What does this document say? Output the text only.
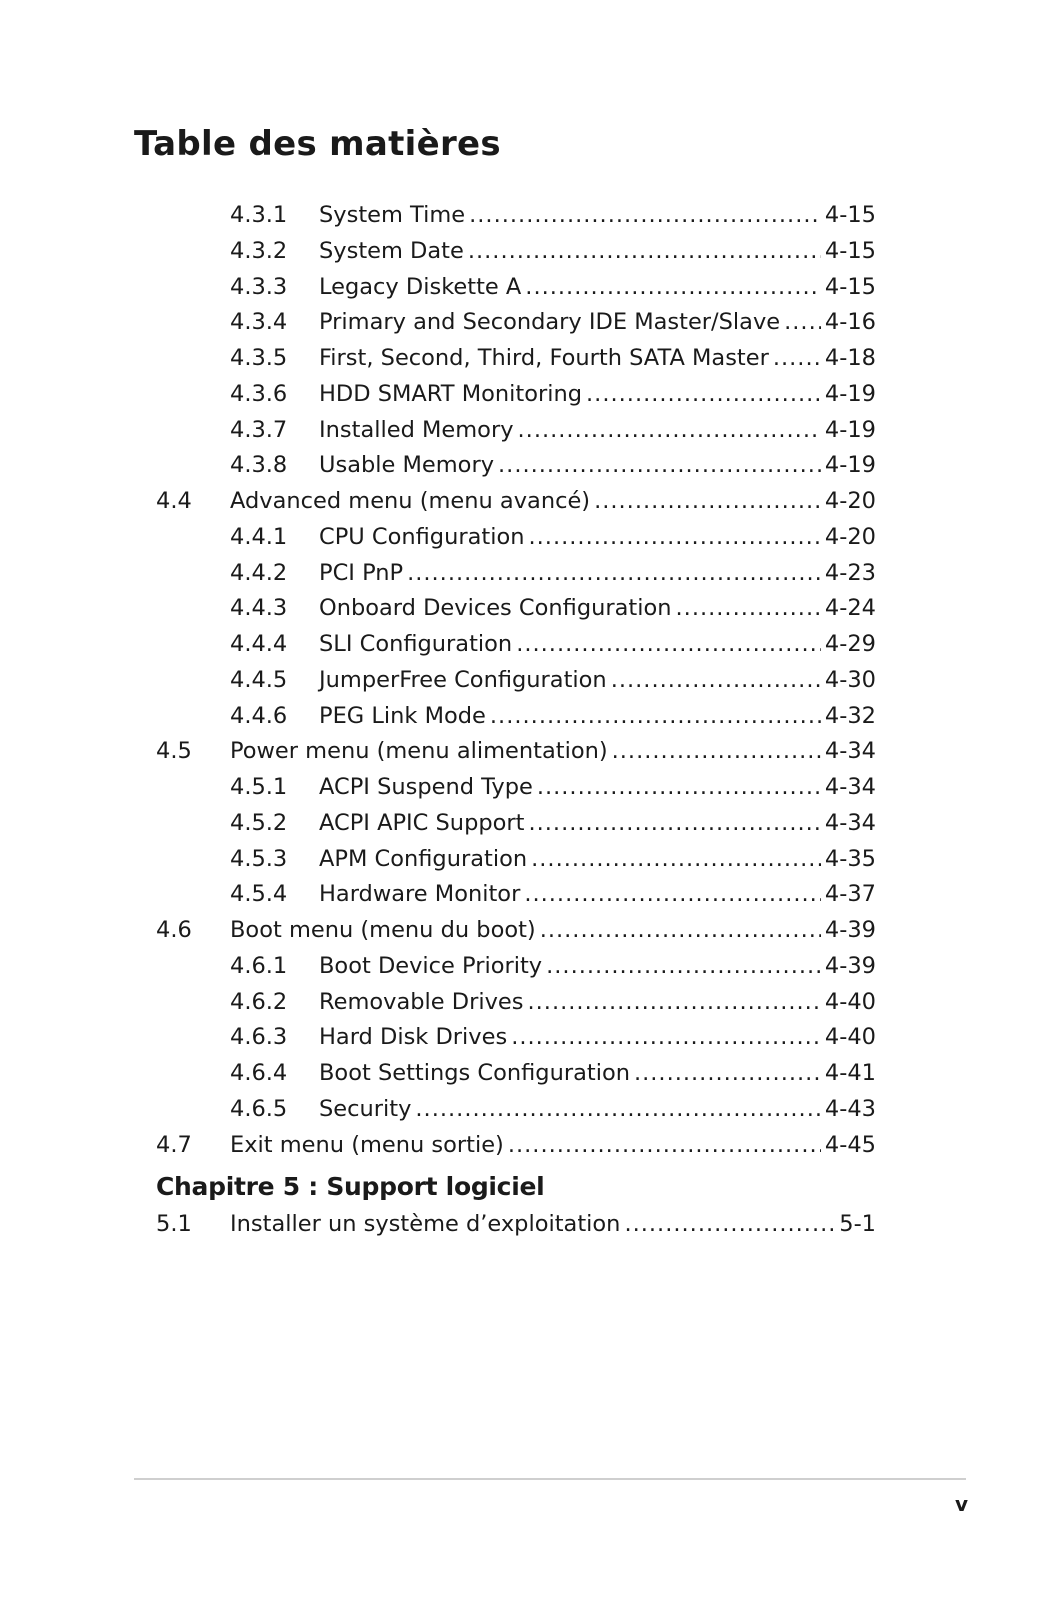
Table des matières
4.3.1	System Time .....	4-15
4.3.2	System Date .....	4-15
4.3.3	Legacy Diskette A .....	4-15
4.3.4	Primary and Secondary IDE Master/Slave ..... 4-16
4.3.5	First, Second, Third, Fourth SATA Master ..... 4-18
4.3.6	HDD SMART Monitoring .....	4-19
4.3.7	Installed Memory .....	4-19
4.3.8	Usable Memory .....	4-19
4.4	Advanced menu (menu avancé) .....	4-20
4.4.1	CPU Configuration .....	4-20
4.4.2	PCI PnP .....	4-23
4.4.3	Onboard Devices Configuration .....	4-24
4.4.4	SLI Configuration .....	4-29
4.4.5	JumperFree Configuration .....	4-30
4.4.6	PEG Link Mode .....	4-32
4.5	Power menu (menu alimentation) .....	4-34
4.5.1	ACPI Suspend Type .....	4-34
4.5.2	ACPI APIC Support .....	4-34
4.5.3	APM Configuration .....	4-35
4.5.4	Hardware Monitor .....	4-37
4.6	Boot menu (menu du boot) .....	4-39
4.6.1	Boot Device Priority .....	4-39
4.6.2	Removable Drives .....	4-40
4.6.3	Hard Disk Drives .....	4-40
4.6.4	Boot Settings Configuration .....	4-41
4.6.5	Security .....	4-43
4.7	Exit menu (menu sortie) .....	4-45
Chapitre 5 : Support logiciel
5.1	Installer un système d’exploitation .....	5-1
v
